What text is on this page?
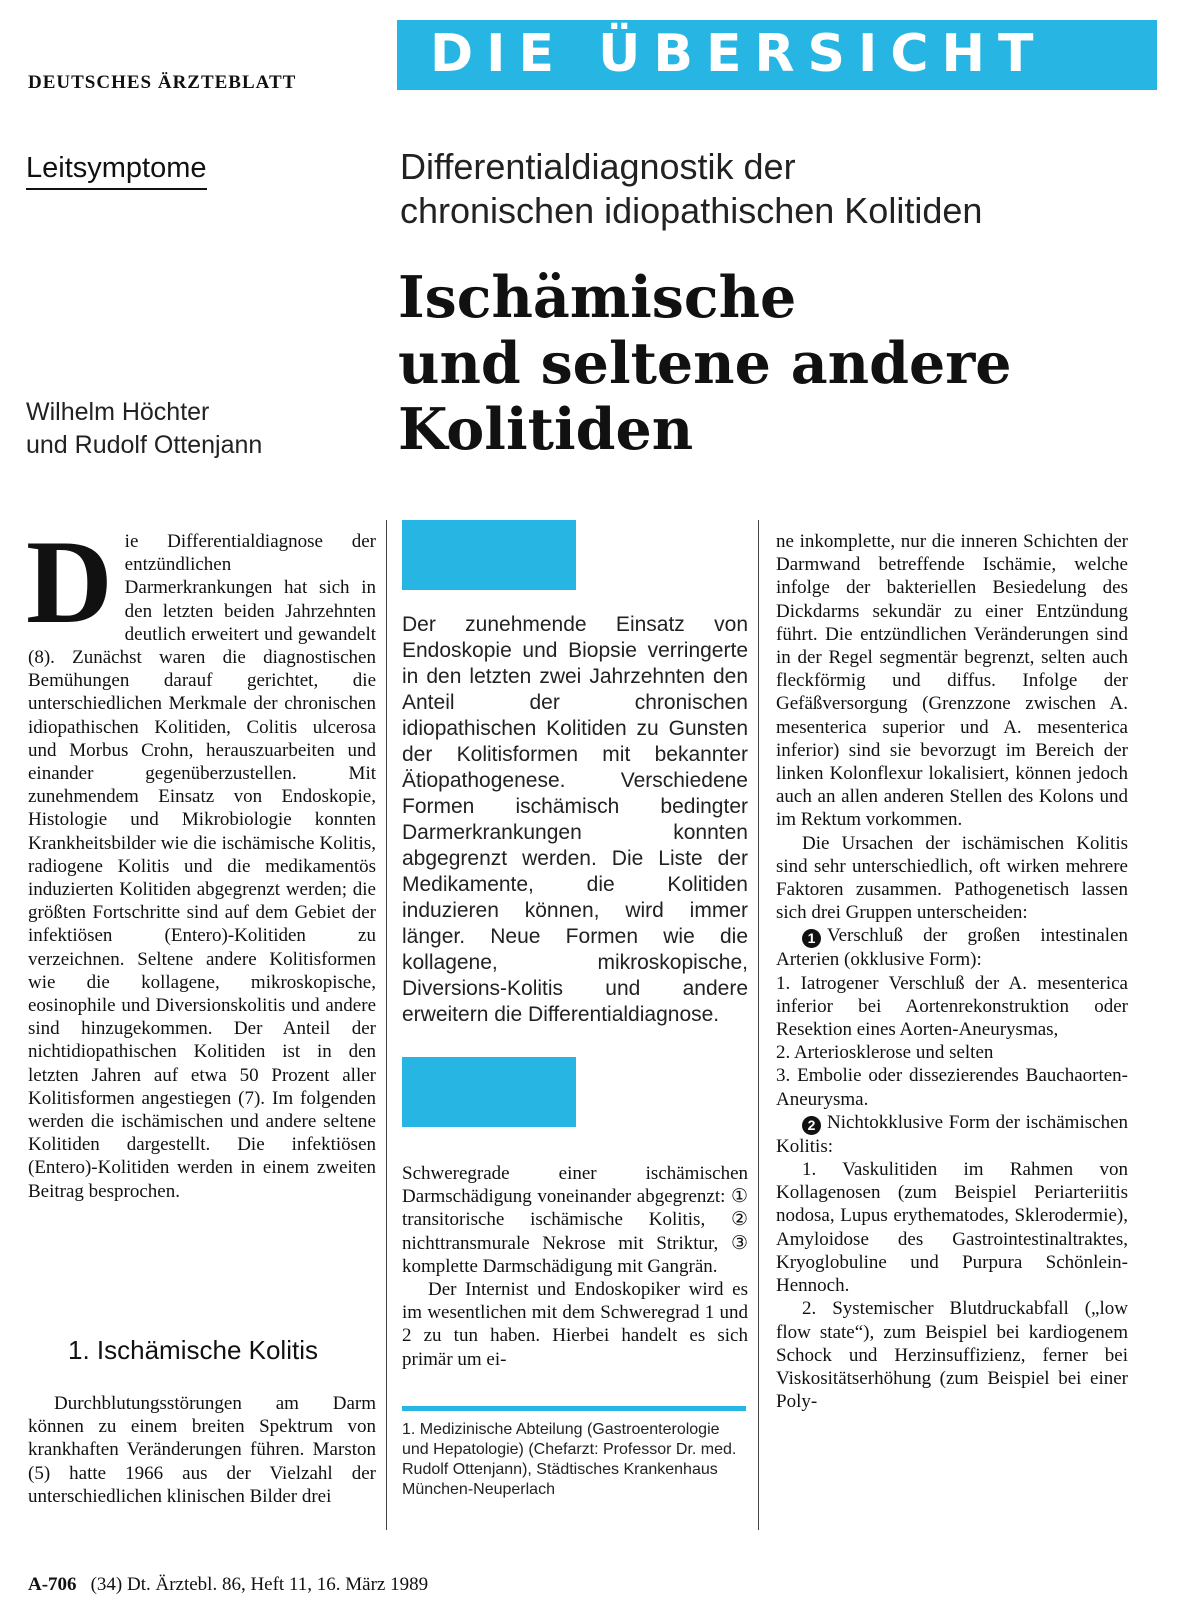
DEUTSCHES ÄRZTEBLATT	DIE ÜBERSICHT
Leitsymptome	Differentialdiagnostik der
chronischen idiopathischen Kolitiden
Ischämische
und seltene andere
Kolitiden
Wilhelm Höchter
und Rudolf Ottenjann
D ie Differentialdiagnose der entzündlichen Darmerkrankungen hat sich in den letzten beiden Jahrzehnten deutlich erweitert und gewandelt (8). Zunächst waren die diagnostischen Bemühungen darauf gerichtet, die unterschiedlichen Merkmale der chronischen idiopathischen Kolitiden, Colitis ulcerosa und Morbus Crohn, herauszuarbeiten und einander gegenüberzustellen. Mit zunehmendem Einsatz von Endoskopie, Histologie und Mikrobiologie konnten Krankheitsbilder wie die ischämische Kolitis, radiogene Kolitis und die medikamentös induzierten Kolitiden abgegrenzt werden; die größten Fortschritte sind auf dem Gebiet der infektiösen (Entero)-Kolitiden zu verzeichnen. Seltene andere Kolitisformen wie die kollagene, mikroskopische, eosinophile und Diversionskolitis und andere sind hinzugekommen. Der Anteil der nichtidiopathischen Kolitiden ist in den letzten Jahren auf etwa 50 Prozent aller Kolitisformen angestiegen (7). Im folgenden werden die ischämischen und andere seltene Kolitiden dargestellt. Die infektiösen (Entero)-Kolitiden werden in einem zweiten Beitrag besprochen.
1. Ischämische Kolitis

Durchblutungsstörungen am Darm können zu einem breiten Spektrum von krankhaften Veränderungen führen. Marston (5) hatte 1966 aus der Vielzahl der unterschiedlichen klinischen Bilder drei

Der zunehmende Einsatz von Endoskopie und Biopsie verringerte in den letzten zwei Jahrzehnten den Anteil der chronischen idiopathischen Kolitiden zu Gunsten der Kolitisformen mit bekannter Ätiopathogenese. Verschiedene Formen ischämisch bedingter Darmerkrankungen konnten abgegrenzt werden. Die Liste der Medikamente, die Kolitiden induzieren können, wird immer länger. Neue Formen wie die kollagene, mikroskopische, Diversions-Kolitis und andere erweitern die Differentialdiagnose.

Schweregrade einer ischämischen Darmschädigung voneinander abgegrenzt: ① transitorische ischämische Kolitis, ② nichttransmurale Nekrose mit Striktur, ③ komplette Darmschädigung mit Gangrän.

Der Internist und Endoskopiker wird es im wesentlichen mit dem Schweregrad 1 und 2 zu tun haben. Hierbei handelt es sich primär um ei-

1. Medizinische Abteilung (Gastroenterologie und Hepatologie) (Chefarzt: Professor Dr. med. Rudolf Ottenjann), Städtisches Krankenhaus München-Neuperlach

ne inkomplette, nur die inneren Schichten der Darmwand betreffende Ischämie, welche infolge der bakteriellen Besiedelung des Dickdarms sekundär zu einer Entzündung führt. Die entzündlichen Veränderungen sind in der Regel segmentär begrenzt, selten auch fleckförmig und diffus. Infolge der Gefäßversorgung (Grenzzone zwischen A. mesenterica superior und A. mesenterica inferior) sind sie bevorzugt im Bereich der linken Kolonflexur lokalisiert, können jedoch auch an allen anderen Stellen des Kolons und im Rektum vorkommen.

Die Ursachen der ischämischen Kolitis sind sehr unterschiedlich, oft wirken mehrere Faktoren zusammen. Pathogenetisch lassen sich drei Gruppen unterscheiden:

1 Verschluß der großen intestinalen Arterien (okklusive Form):

1. Iatrogener Verschluß der A. mesenterica inferior bei Aortenrekonstruktion oder Resektion eines Aorten-Aneurysmas,

2. Arteriosklerose und selten

3. Embolie oder dissezierendes Bauchaorten-Aneurysma.

2 Nichtokklusive Form der ischämischen Kolitis:

1. Vaskulitiden im Rahmen von Kollagenosen (zum Beispiel Periarteriitis nodosa, Lupus erythematodes, Sklerodermie), Amyloidose des Gastrointestinaltraktes, Kryoglobuline und Purpura Schönlein-Hennoch.

2. Systemischer Blutdruckabfall („low flow state“), zum Beispiel bei kardiogenem Schock und Herzinsuffizienz, ferner bei Viskositätserhöhung (zum Beispiel bei einer Poly-

A-706 (34) Dt. Ärztebl. 86, Heft 11, 16. März 1989
